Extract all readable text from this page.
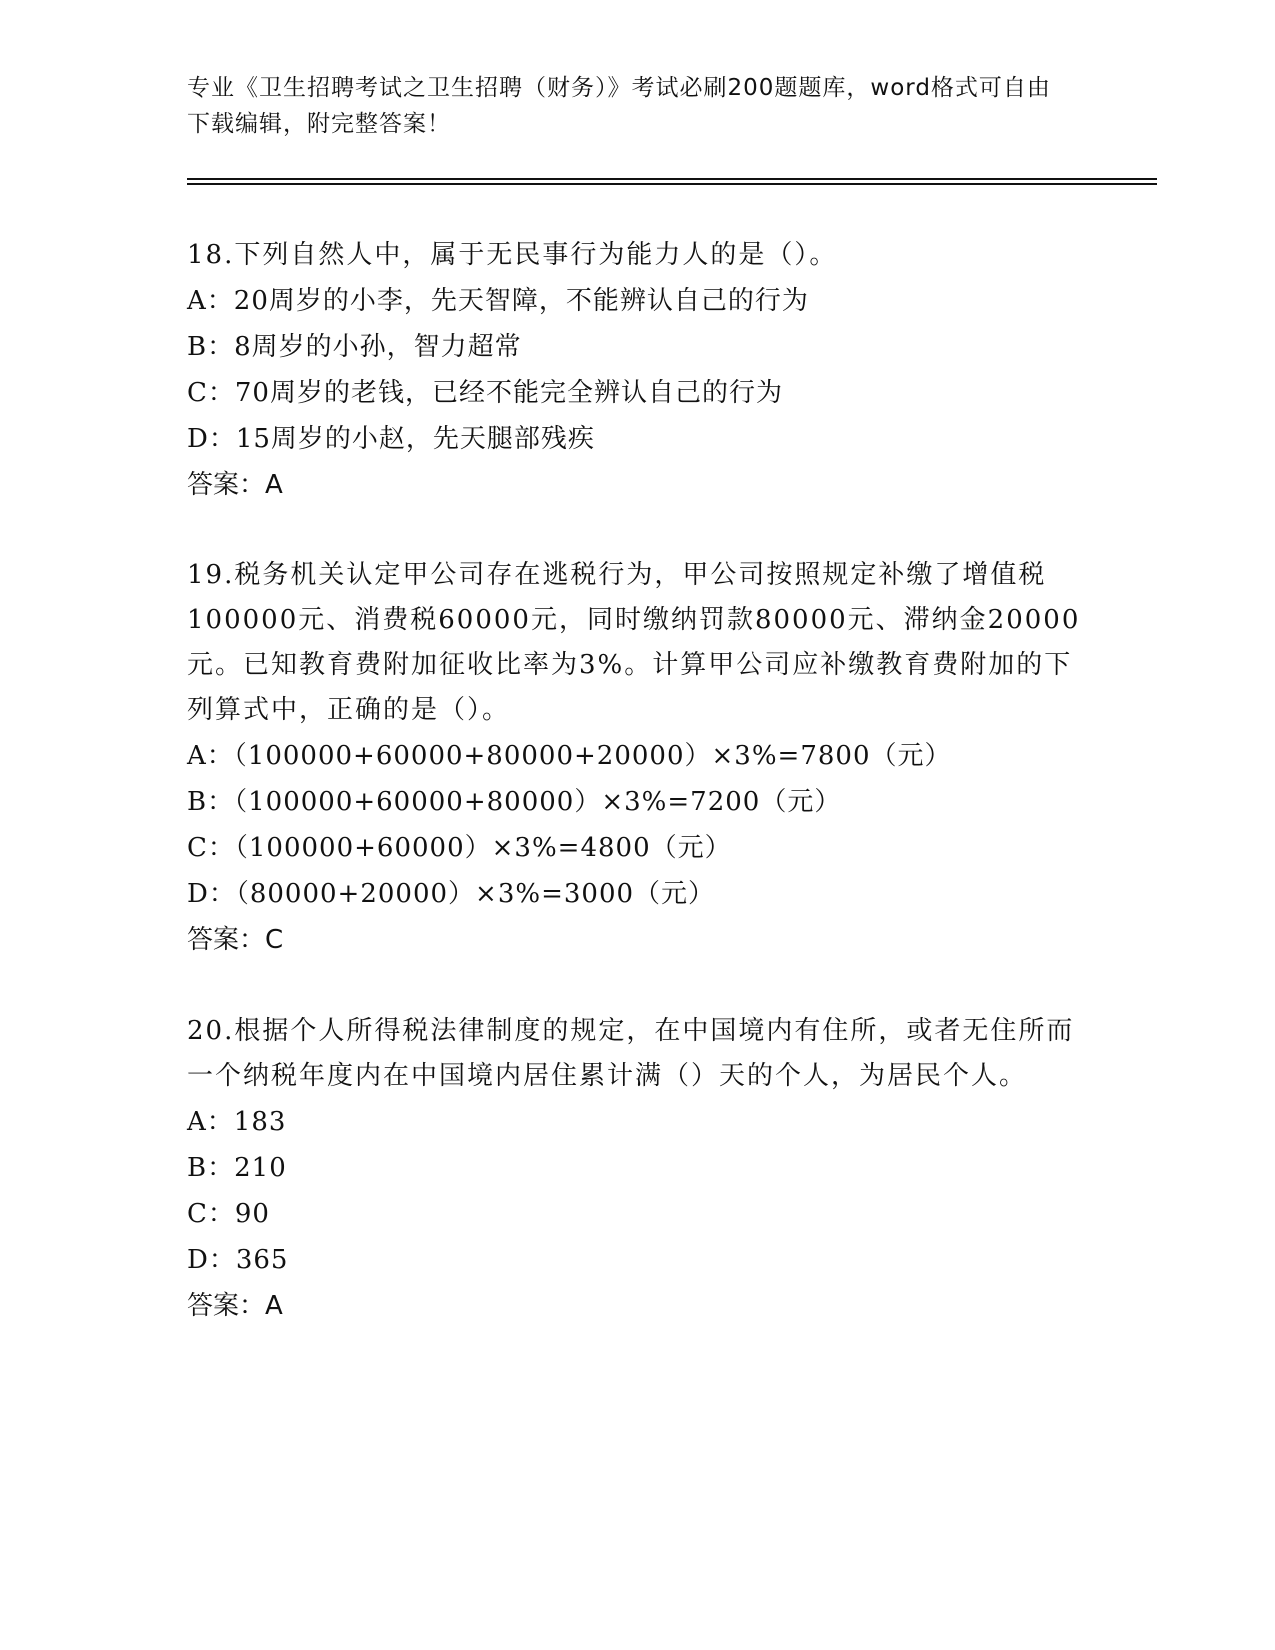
专业《卫生招聘考试之卫生招聘（财务）》考试必刷200题题库，word格式可自由下载编辑，附完整答案！

18.下列自然人中，属于无民事行为能力人的是（）。

A：20周岁的小李，先天智障，不能辨认自己的行为

B：8周岁的小孙，智力超常

C：70周岁的老钱，已经不能完全辨认自己的行为

D：15周岁的小赵，先天腿部残疾

答案：A

19.税务机关认定甲公司存在逃税行为，甲公司按照规定补缴了增值税100000元、消费税60000元，同时缴纳罚款80000元、滞纳金20000元。已知教育费附加征收比率为3%。计算甲公司应补缴教育费附加的下列算式中，正确的是（）。

A：（100000+60000+80000+20000）×3%=7800（元）

B：（100000+60000+80000）×3%=7200（元）

C：（100000+60000）×3%=4800（元）

D：（80000+20000）×3%=3000（元）

答案：C

20.根据个人所得税法律制度的规定，在中国境内有住所，或者无住所而一个纳税年度内在中国境内居住累计满（）天的个人，为居民个人。

A：183

B：210

C：90

D：365

答案：A
